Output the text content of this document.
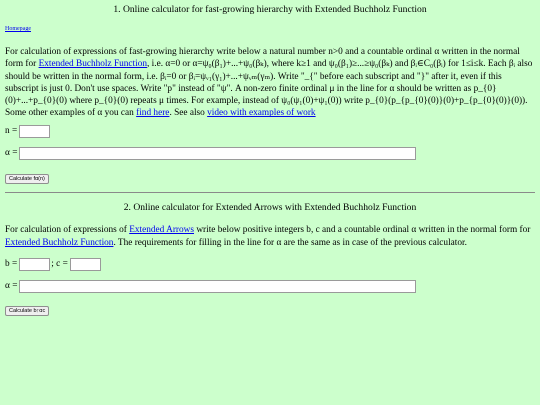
1. Online calculator for fast-growing hierarchy with Extended Buchholz Function
Homepage

For calculation of expressions of fast-growing hierarchy write below a natural number n>0 and a countable ordinal α written in the normal form for Extended Buchholz Function, i.e. α=0 or α=ψ₀(β₁)+...+ψ₀(βₖ), where k≥1 and ψ₀(β₁)≥...≥ψ₀(βₖ) and βᵢ∈C₀(βᵢ) for 1≤i≤k. Each βᵢ also should be written in the normal form, i.e. βᵢ=0 or βᵢ=ψᵥ₁(γ₁)+...+ψᵥₘ(γₘ). Write "_{" before each subscript and "}" after it, even if this subscript is just 0. Don't use spaces. Write "p" instead of "ψ". A non-zero finite ordinal μ in the line for α should be written as p_{0}(0)+...+p_{0}(0) where p_{0}(0) repeats μ times. For example, instead of ψ₀(ψ₁(0)+ψ₁(0)) write p_{0}(p_{p_{0}(0)}(0)+p_{p_{0}(0)}(0)). Some other examples of α you can find here. See also video with examples of work

n =
α =
Calculate fα(n)
2. Online calculator for Extended Arrows with Extended Buchholz Function

For calculation of expressions of Extended Arrows write below positive integers b, c and a countable ordinal α written in the normal form for Extended Buchholz Function. The requirements for filling in the line for α are the same as in case of the previous calculator.

b =	; c =
α =
Calculate b↑αc
